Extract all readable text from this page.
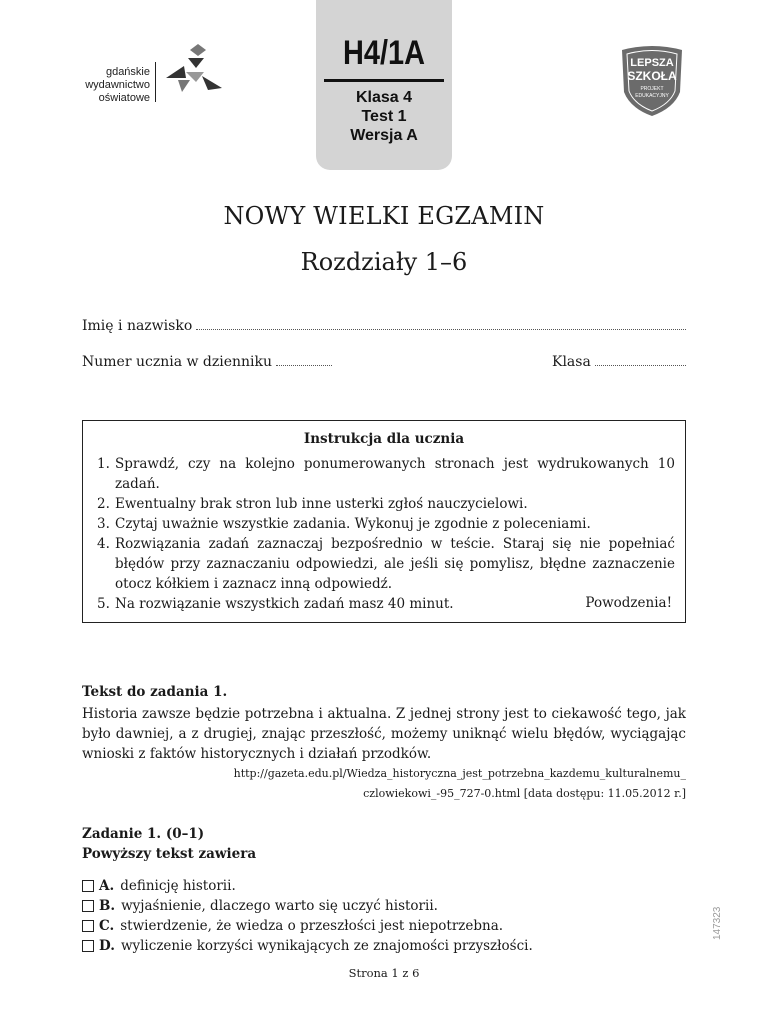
gdańskie
wydawnictwo
oświatowe
H4/1A
Klasa 4
Test 1
Wersja A
LEPSZA
SZKOŁA
PROJEKT
EDUKACYJNY
NOWY WIELKI EGZAMIN
Rozdziały 1–6
Imię i nazwisko
Numer ucznia w dzienniku	Klasa
Instrukcja dla ucznia
1. Sprawdź, czy na kolejno ponumerowanych stronach jest wydrukowanych 10 zadań.
2. Ewentualny brak stron lub inne usterki zgłoś nauczycielowi.
3. Czytaj uważnie wszystkie zadania. Wykonuj je zgodnie z poleceniami.
4. Rozwiązania zadań zaznaczaj bezpośrednio w teście. Staraj się nie popełniać błędów przy zaznaczaniu odpowiedzi, ale jeśli się pomylisz, błędne zaznaczenie otocz kółkiem i zaznacz inną odpowiedź.
5. Na rozwiązanie wszystkich zadań masz 40 minut.	Powodzenia!
Tekst do zadania 1.
Historia zawsze będzie potrzebna i aktualna. Z jednej strony jest to ciekawość tego, jak było dawniej, a z drugiej, znając przeszłość, możemy uniknąć wielu błędów, wyciągając wnioski z faktów historycznych i działań przodków.
http://gazeta.edu.pl/Wiedza_historyczna_jest_potrzebna_kazdemu_kulturalnemu_
czlowiekowi_-95_727-0.html [data dostępu: 11.05.2012 r.]
Zadanie 1. (0–1)
Powyższy tekst zawiera
A. definicję historii.
B. wyjaśnienie, dlaczego warto się uczyć historii.
C. stwierdzenie, że wiedza o przeszłości jest niepotrzebna.
D. wyliczenie korzyści wynikających ze znajomości przyszłości.
Strona 1 z 6
147323
